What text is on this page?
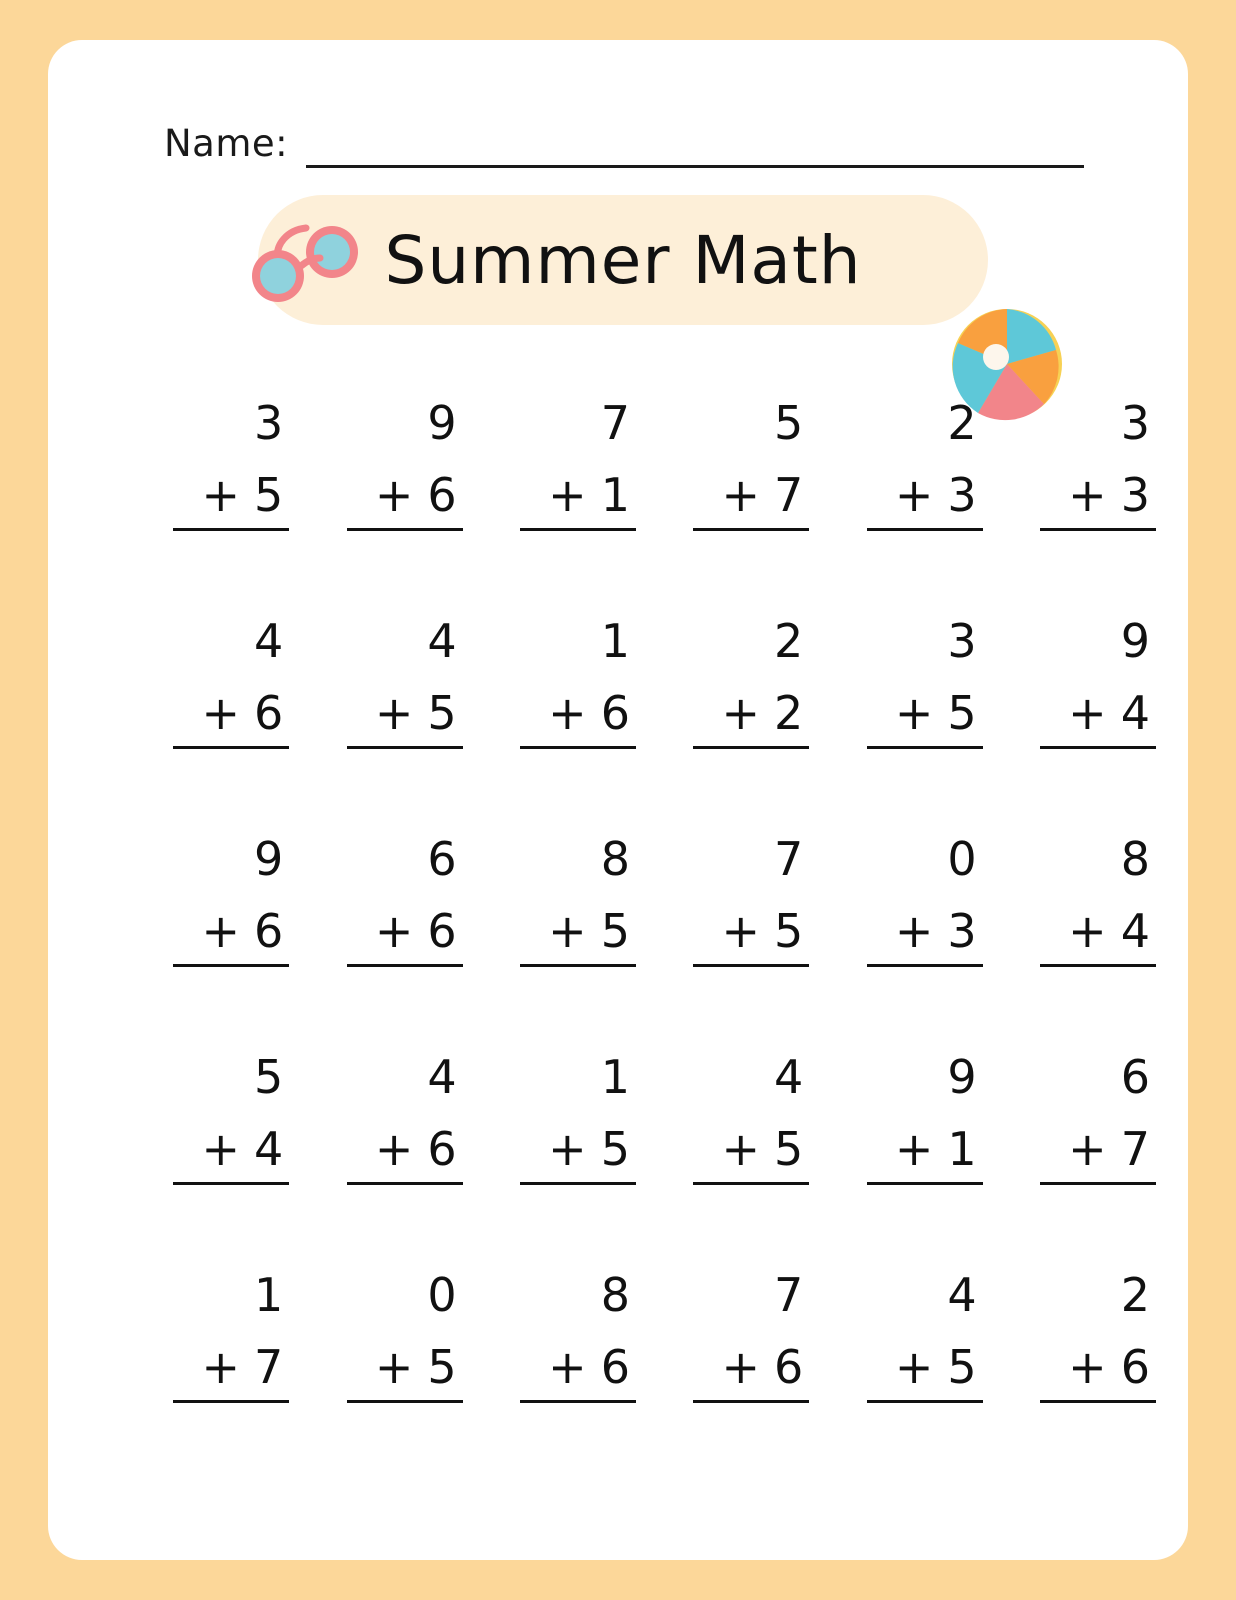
Name:
Summer Math
3
+ 5
9
+ 6
7
+ 1
5
+ 7
2
+ 3
3
+ 3
4
+ 6
4
+ 5
1
+ 6
2
+ 2
3
+ 5
9
+ 4
9
+ 6
6
+ 6
8
+ 5
7
+ 5
0
+ 3
8
+ 4
5
+ 4
4
+ 6
1
+ 5
4
+ 5
9
+ 1
6
+ 7
1
+ 7
0
+ 5
8
+ 6
7
+ 6
4
+ 5
2
+ 6
